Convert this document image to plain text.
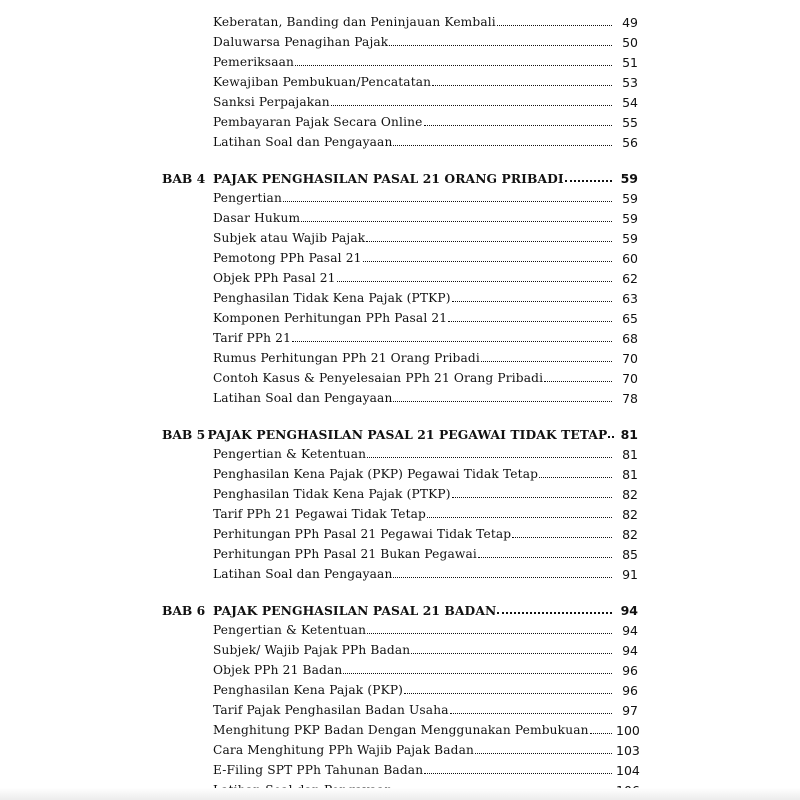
Keberatan, Banding dan Peninjauan Kembali	49
Daluwarsa Penagihan Pajak	50
Pemeriksaan	51
Kewajiban Pembukuan/Pencatatan	53
Sanksi Perpajakan	54
Pembayaran Pajak Secara Online	55
Latihan Soal dan Pengayaan	56
BAB 4 PAJAK PENGHASILAN PASAL 21 ORANG PRIBADI	59
Pengertian	59
Dasar Hukum	59
Subjek atau Wajib Pajak	59
Pemotong PPh Pasal 21	60
Objek PPh Pasal 21	62
Penghasilan Tidak Kena Pajak (PTKP)	63
Komponen Perhitungan PPh Pasal 21	65
Tarif PPh 21	68
Rumus Perhitungan PPh 21 Orang Pribadi	70
Contoh Kasus & Penyelesaian PPh 21 Orang Pribadi	70
Latihan Soal dan Pengayaan	78
BAB 5 PAJAK PENGHASILAN PASAL 21 PEGAWAI TIDAK TETAP 81
Pengertian & Ketentuan	81
Penghasilan Kena Pajak (PKP) Pegawai Tidak Tetap	81
Penghasilan Tidak Kena Pajak (PTKP)	82
Tarif PPh 21 Pegawai Tidak Tetap	82
Perhitungan PPh Pasal 21 Pegawai Tidak Tetap	82
Perhitungan PPh Pasal 21 Bukan Pegawai	85
Latihan Soal dan Pengayaan	91
BAB 6 PAJAK PENGHASILAN PASAL 21 BADAN	94
Pengertian & Ketentuan	94
Subjek/ Wajib Pajak PPh Badan	94
Objek PPh 21 Badan	96
Penghasilan Kena Pajak (PKP)	96
Tarif Pajak Penghasilan Badan Usaha	97
Menghitung PKP Badan Dengan Menggunakan Pembukuan 100
Cara Menghitung PPh Wajib Pajak Badan	103
E-Filing SPT PPh Tahunan Badan	104
